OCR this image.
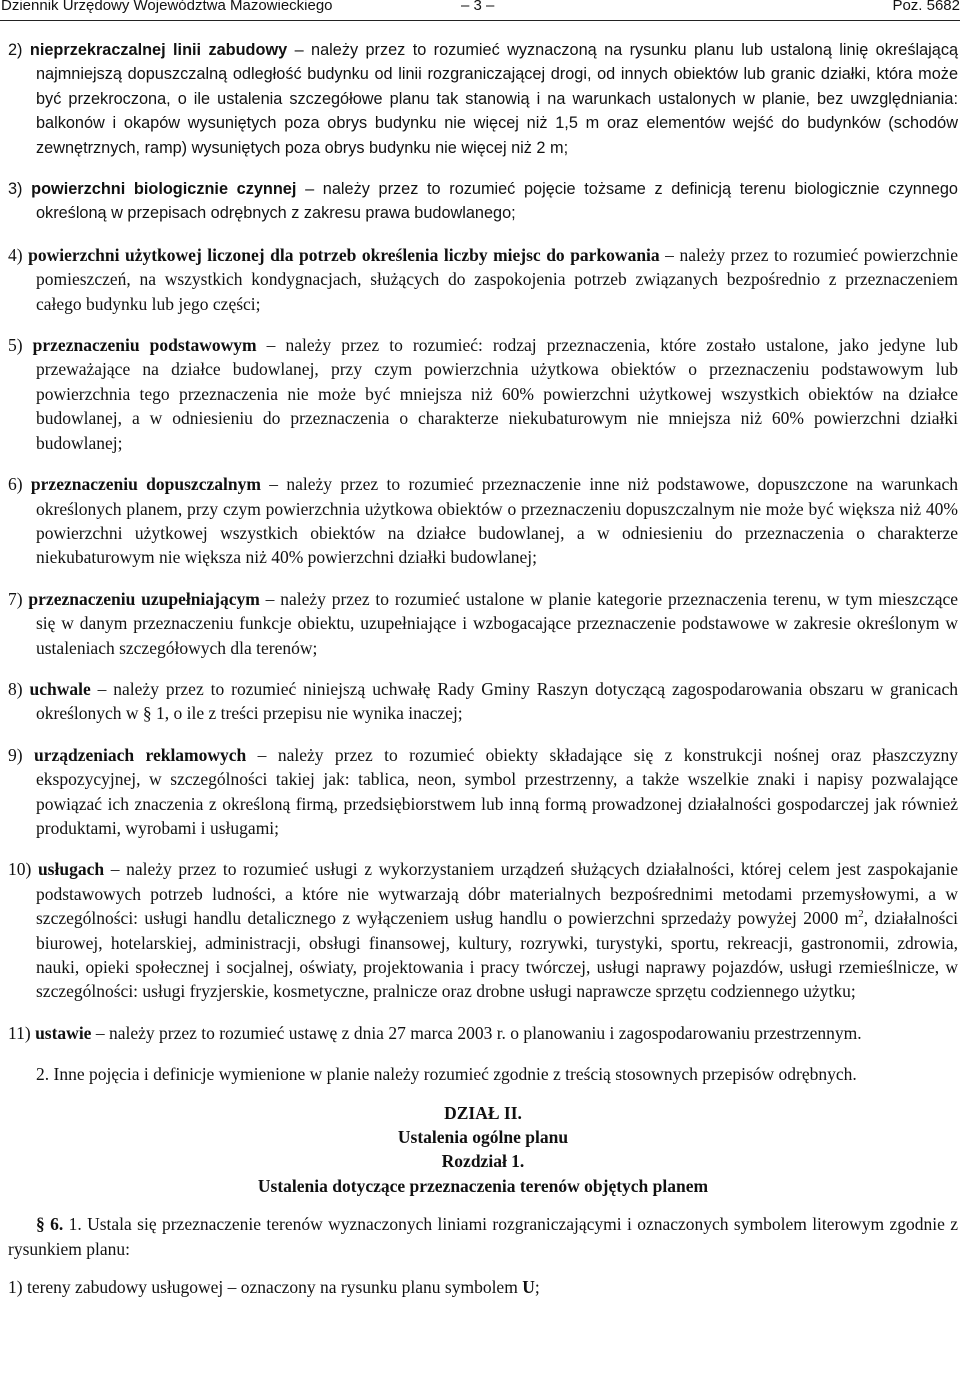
Dziennik Urzędowy Województwa Mazowieckiego	– 3 –	Poz. 5682

2) nieprzekraczalnej linii zabudowy – należy przez to rozumieć wyznaczoną na rysunku planu lub ustaloną linię określającą najmniejszą dopuszczalną odległość budynku od linii rozgraniczającej drogi, od innych obiektów lub granic działki, która może być przekroczona, o ile ustalenia szczegółowe planu tak stanowią i na warunkach ustalonych w planie, bez uwzględniania: balkonów i okapów wysuniętych poza obrys budynku nie więcej niż 1,5 m oraz elementów wejść do budynków (schodów zewnętrznych, ramp) wysuniętych poza obrys budynku nie więcej niż 2 m;

3) powierzchni biologicznie czynnej – należy przez to rozumieć pojęcie tożsame z definicją terenu biologicznie czynnego określoną w przepisach odrębnych z zakresu prawa budowlanego;

4) powierzchni użytkowej liczonej dla potrzeb określenia liczby miejsc do parkowania – należy przez to rozumieć powierzchnie pomieszczeń, na wszystkich kondygnacjach, służących do zaspokojenia potrzeb związanych bezpośrednio z przeznaczeniem całego budynku lub jego części;

5) przeznaczeniu podstawowym – należy przez to rozumieć: rodzaj przeznaczenia, które zostało ustalone, jako jedyne lub przeważające na działce budowlanej, przy czym powierzchnia użytkowa obiektów o przeznaczeniu podstawowym lub powierzchnia tego przeznaczenia nie może być mniejsza niż 60% powierzchni użytkowej wszystkich obiektów na działce budowlanej, a w odniesieniu do przeznaczenia o charakterze niekubaturowym nie mniejsza niż 60% powierzchni działki budowlanej;

6) przeznaczeniu dopuszczalnym – należy przez to rozumieć przeznaczenie inne niż podstawowe, dopuszczone na warunkach określonych planem, przy czym powierzchnia użytkowa obiektów o przeznaczeniu dopuszczalnym nie może być większa niż 40% powierzchni użytkowej wszystkich obiektów na działce budowlanej, a w odniesieniu do przeznaczenia o charakterze niekubaturowym nie większa niż 40% powierzchni działki budowlanej;

7) przeznaczeniu uzupełniającym – należy przez to rozumieć ustalone w planie kategorie przeznaczenia terenu, w tym mieszczące się w danym przeznaczeniu funkcje obiektu, uzupełniające i wzbogacające przeznaczenie podstawowe w zakresie określonym w ustaleniach szczegółowych dla terenów;

8) uchwale – należy przez to rozumieć niniejszą uchwałę Rady Gminy Raszyn dotyczącą zagospodarowania obszaru w granicach określonych w § 1, o ile z treści przepisu nie wynika inaczej;

9) urządzeniach reklamowych – należy przez to rozumieć obiekty składające się z konstrukcji nośnej oraz płaszczyzny ekspozycyjnej, w szczególności takiej jak: tablica, neon, symbol przestrzenny, a także wszelkie znaki i napisy pozwalające powiązać ich znaczenia z określoną firmą, przedsiębiorstwem lub inną formą prowadzonej działalności gospodarczej jak również produktami, wyrobami i usługami;

10) usługach – należy przez to rozumieć usługi z wykorzystaniem urządzeń służących działalności, której celem jest zaspokajanie podstawowych potrzeb ludności, a które nie wytwarzają dóbr materialnych bezpośrednimi metodami przemysłowymi, a w szczególności: usługi handlu detalicznego z wyłączeniem usług handlu o powierzchni sprzedaży powyżej 2000 $m^2$, działalności biurowej, hotelarskiej, administracji, obsługi finansowej, kultury, rozrywki, turystyki, sportu, rekreacji, gastronomii, zdrowia, nauki, opieki społecznej i socjalnej, oświaty, projektowania i pracy twórczej, usługi naprawy pojazdów, usługi rzemieślnicze, w szczególności: usługi fryzjerskie, kosmetyczne, pralnicze oraz drobne usługi naprawcze sprzętu codziennego użytku;

11) ustawie – należy przez to rozumieć ustawę z dnia 27 marca 2003 r. o planowaniu i zagospodarowaniu przestrzennym.

2. Inne pojęcia i definicje wymienione w planie należy rozumieć zgodnie z treścią stosownych przepisów odrębnych.

DZIAŁ II.

Ustalenia ogólne planu

Rozdział 1.

Ustalenia dotyczące przeznaczenia terenów objętych planem

§ 6. 1. Ustala się przeznaczenie terenów wyznaczonych liniami rozgraniczającymi i oznaczonych symbolem literowym zgodnie z rysunkiem planu:

1) tereny zabudowy usługowej – oznaczony na rysunku planu symbolem U;
